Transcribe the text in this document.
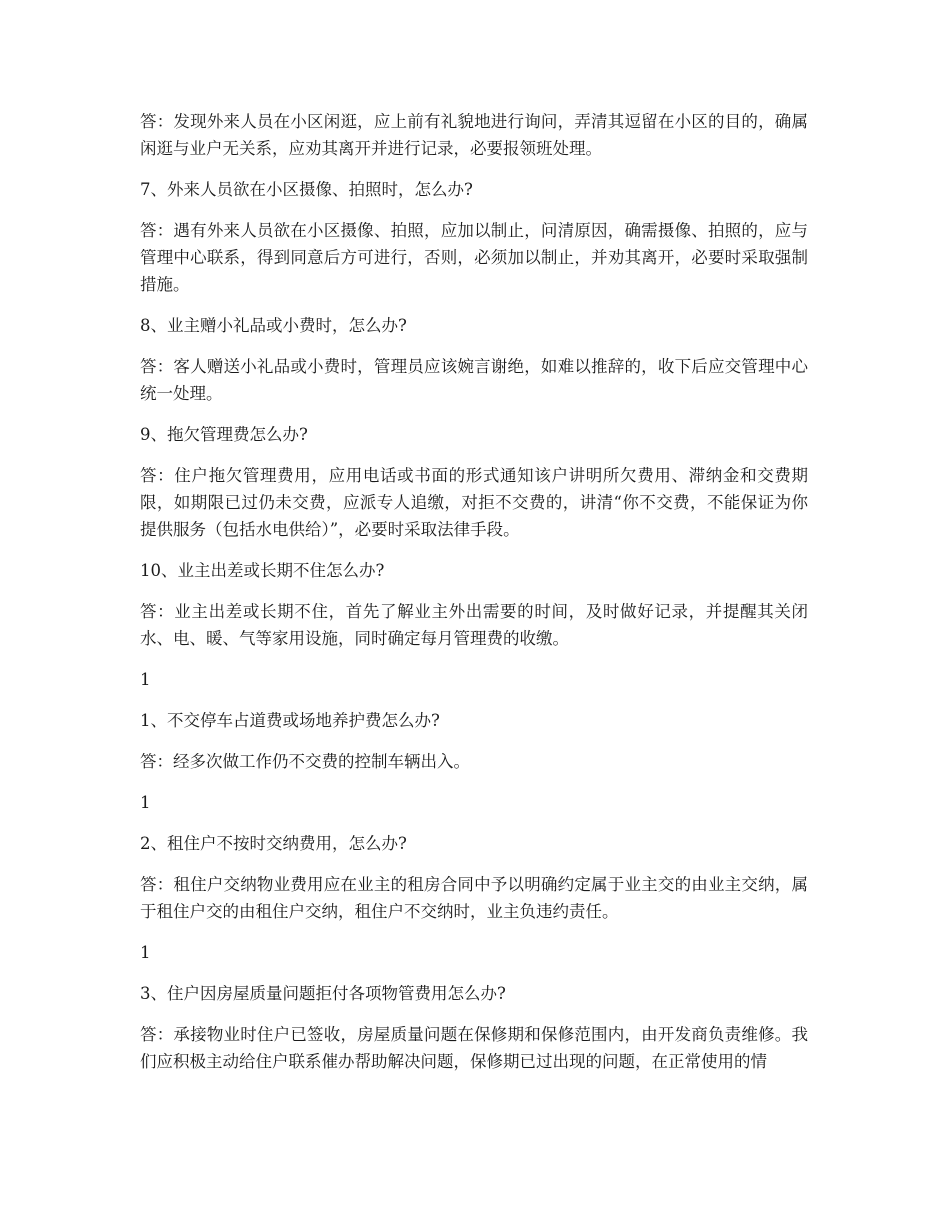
答：发现外来人员在小区闲逛，应上前有礼貌地进行询问，弄清其逗留在小区的目的，确属闲逛与业户无关系，应劝其离开并进行记录，必要报领班处理。

7、外来人员欲在小区摄像、拍照时，怎么办?

答：遇有外来人员欲在小区摄像、拍照，应加以制止，问清原因，确需摄像、拍照的，应与管理中心联系，得到同意后方可进行，否则，必须加以制止，并劝其离开，必要时采取强制措施。

8、业主赠小礼品或小费时，怎么办?

答：客人赠送小礼品或小费时，管理员应该婉言谢绝，如难以推辞的，收下后应交管理中心统一处理。

9、拖欠管理费怎么办?

答：住户拖欠管理费用，应用电话或书面的形式通知该户讲明所欠费用、滞纳金和交费期限，如期限已过仍未交费，应派专人追缴，对拒不交费的，讲清“你不交费，不能保证为你提供服务（包括水电供给）”，必要时采取法律手段。

10、业主出差或长期不住怎么办?

答：业主出差或长期不住，首先了解业主外出需要的时间，及时做好记录，并提醒其关闭水、电、暖、气等家用设施，同时确定每月管理费的收缴。

1

1、不交停车占道费或场地养护费怎么办?

答：经多次做工作仍不交费的控制车辆出入。

1

2、租住户不按时交纳费用，怎么办?

答：租住户交纳物业费用应在业主的租房合同中予以明确约定属于业主交的由业主交纳，属于租住户交的由租住户交纳，租住户不交纳时，业主负违约责任。

1

3、住户因房屋质量问题拒付各项物管费用怎么办?

答：承接物业时住户已签收，房屋质量问题在保修期和保修范围内，由开发商负责维修。我们应积极主动给住户联系催办帮助解决问题，保修期已过出现的问题，在正常使用的情
